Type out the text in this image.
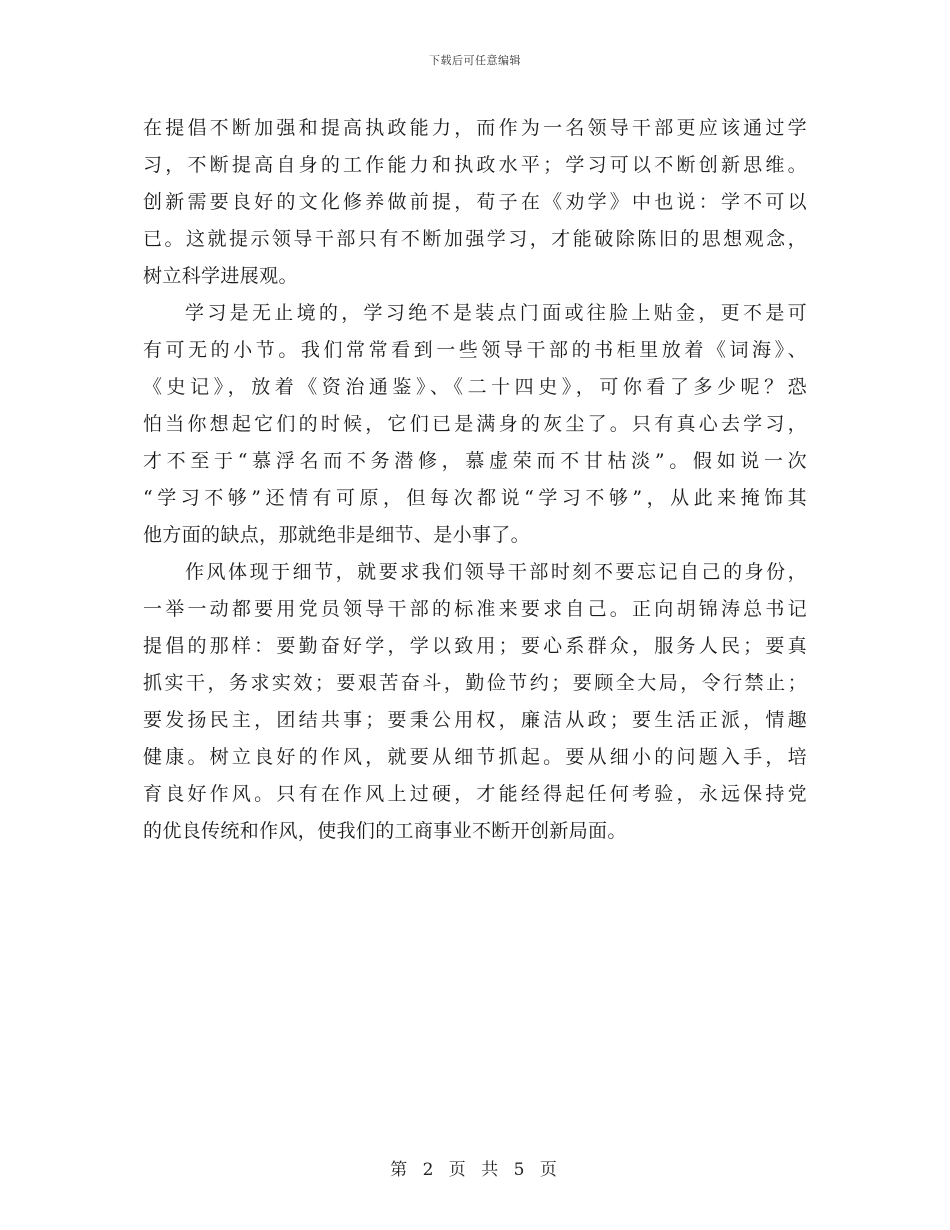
下载后可任意编辑
在提倡不断加强和提高执政能力，而作为一名领导干部更应该通过学
习，不断提高自身的工作能力和执政水平；学习可以不断创新思维。
创新需要良好的文化修养做前提，荀子在《劝学》中也说：学不可以
已。这就提示领导干部只有不断加强学习，才能破除陈旧的思想观念，
树立科学进展观。
学习是无止境的，学习绝不是装点门面或往脸上贴金，更不是可
有可无的小节。我们常常看到一些领导干部的书柜里放着《词海》、
《史记》，放着《资治通鉴》、《二十四史》，可你看了多少呢？恐
怕当你想起它们的时候，它们已是满身的灰尘了。只有真心去学习，
才不至于“慕浮名而不务潜修，慕虚荣而不甘枯淡”。假如说一次
“学习不够”还情有可原，但每次都说“学习不够”，从此来掩饰其
他方面的缺点，那就绝非是细节、是小事了。
作风体现于细节，就要求我们领导干部时刻不要忘记自己的身份，
一举一动都要用党员领导干部的标准来要求自己。正向胡锦涛总书记
提倡的那样：要勤奋好学，学以致用；要心系群众，服务人民；要真
抓实干，务求实效；要艰苦奋斗，勤俭节约；要顾全大局，令行禁止；
要发扬民主，团结共事；要秉公用权，廉洁从政；要生活正派，情趣
健康。树立良好的作风，就要从细节抓起。要从细小的问题入手，培
育良好作风。只有在作风上过硬，才能经得起任何考验，永远保持党
的优良传统和作风，使我们的工商事业不断开创新局面。
第 2 页 共 5 页
